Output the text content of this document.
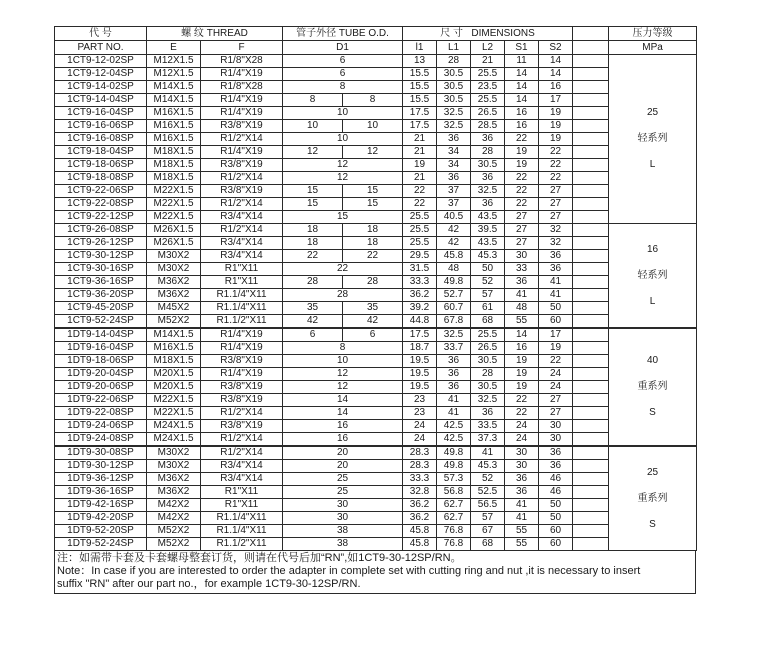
代 号	螺 纹 THREAD		管子外径 TUBE O.D.		尺 寸 DIMENSIONS						压力等级
PART NO.	E	F	D1		l1	L1	L2	S1	S2		MPa
1CT9-12-02SP	M12X1.5	R1/8"X28	6		13	28	21	11	14		25
轻系列
L

1CT9-12-04SP	M12X1.5	R1/4"X19	6		15.5	30.5	25.5	14	14		
1CT9-14-02SP	M14X1.5	R1/8"X28	8		15.5	30.5	23.5	14	16		
1CT9-14-04SP	M14X1.5	R1/4"X19	8	8	15.5	30.5	25.5	14	17		
1CT9-16-04SP	M16X1.5	R1/4"X19	10		17.5	32.5	26.5	16	19		
1CT9-16-06SP	M16X1.5	R3/8"X19	10	10	17.5	32.5	28.5	16	19		
1CT9-16-08SP	M16X1.5	R1/2"X14	10		21	36	36	22	19		
1CT9-18-04SP	M18X1.5	R1/4"X19	12	12	21	34	28	19	22		
1CT9-18-06SP	M18X1.5	R3/8"X19	12		19	34	30.5	19	22		
1CT9-18-08SP	M18X1.5	R1/2"X14	12		21	36	36	22	22		
1CT9-22-06SP	M22X1.5	R3/8"X19	15	15	22	37	32.5	22	27		
1CT9-22-08SP	M22X1.5	R1/2"X14	15	15	22	37	36	22	27		
1CT9-22-12SP	M22X1.5	R3/4"X14	15		25.5	40.5	43.5	27	27		
1CT9-26-08SP	M26X1.5	R1/2"X14	18	18	25.5	42	39.5	27	32		16
轻系列
L

1CT9-26-12SP	M26X1.5	R3/4"X14	18	18	25.5	42	43.5	27	32		
1CT9-30-12SP	M30X2	R3/4"X14	22	22	29.5	45.8	45.3	30	36		
1CT9-30-16SP	M30X2	R1"X11	22		31.5	48	50	33	36		
1CT9-36-16SP	M36X2	R1"X11	28	28	33.3	49.8	52	36	41		
1CT9-36-20SP	M36X2	R1.1/4"X11	28		36.2	52.7	57	41	41		
1CT9-45-20SP	M45X2	R1.1/4"X11	35	35	39.2	60.7	61	48	50		
1CT9-52-24SP	M52X2	R1.1/2"X11	42	42	44.8	67.8	68	55	60		
1DT9-14-04SP	M14X1.5	R1/4"X19	6	6	17.5	32.5	25.5	14	17		40
重系列
S

1DT9-16-04SP	M16X1.5	R1/4"X19	8		18.7	33.7	26.5	16	19		
1DT9-18-06SP	M18X1.5	R3/8"X19	10		19.5	36	30.5	19	22		
1DT9-20-04SP	M20X1.5	R1/4"X19	12		19.5	36	28	19	24		
1DT9-20-06SP	M20X1.5	R3/8"X19	12		19.5	36	30.5	19	24		
1DT9-22-06SP	M22X1.5	R3/8"X19	14		23	41	32.5	22	27		
1DT9-22-08SP	M22X1.5	R1/2"X14	14		23	41	36	22	27		
1DT9-24-06SP	M24X1.5	R3/8"X19	16		24	42.5	33.5	24	30		
1DT9-24-08SP	M24X1.5	R1/2"X14	16		24	42.5	37.3	24	30		
1DT9-30-08SP	M30X2	R1/2"X14	20		28.3	49.8	41	30	36		25
重系列
S

1DT9-30-12SP	M30X2	R3/4"X14	20		28.3	49.8	45.3	30	36		
1DT9-36-12SP	M36X2	R3/4"X14	25		33.3	57.3	52	36	46		
1DT9-36-16SP	M36X2	R1"X11	25		32.8	56.8	52.5	36	46		
1DT9-42-16SP	M42X2	R1"X11	30		36.2	62.7	56.5	41	50		
1DT9-42-20SP	M42X2	R1.1/4"X11	30		36.2	62.7	57	41	50		
1DT9-52-20SP	M52X2	R1.1/4"X11	38		45.8	76.8	67	55	60		
1DT9-52-24SP	M52X2	R1.1/2"X11	38		45.8	76.8	68	55	60		
注：如需带卡套及卡套螺母整套订货，则请在代号后加“RN”,如1CT9-30-12SP/RN。
Note：In case if you are interested to order the adapter in complete set with cutting ring and nut ,it is necessary to insert
suffix "RN" after our part no.，for example 1CT9-30-12SP/RN.
